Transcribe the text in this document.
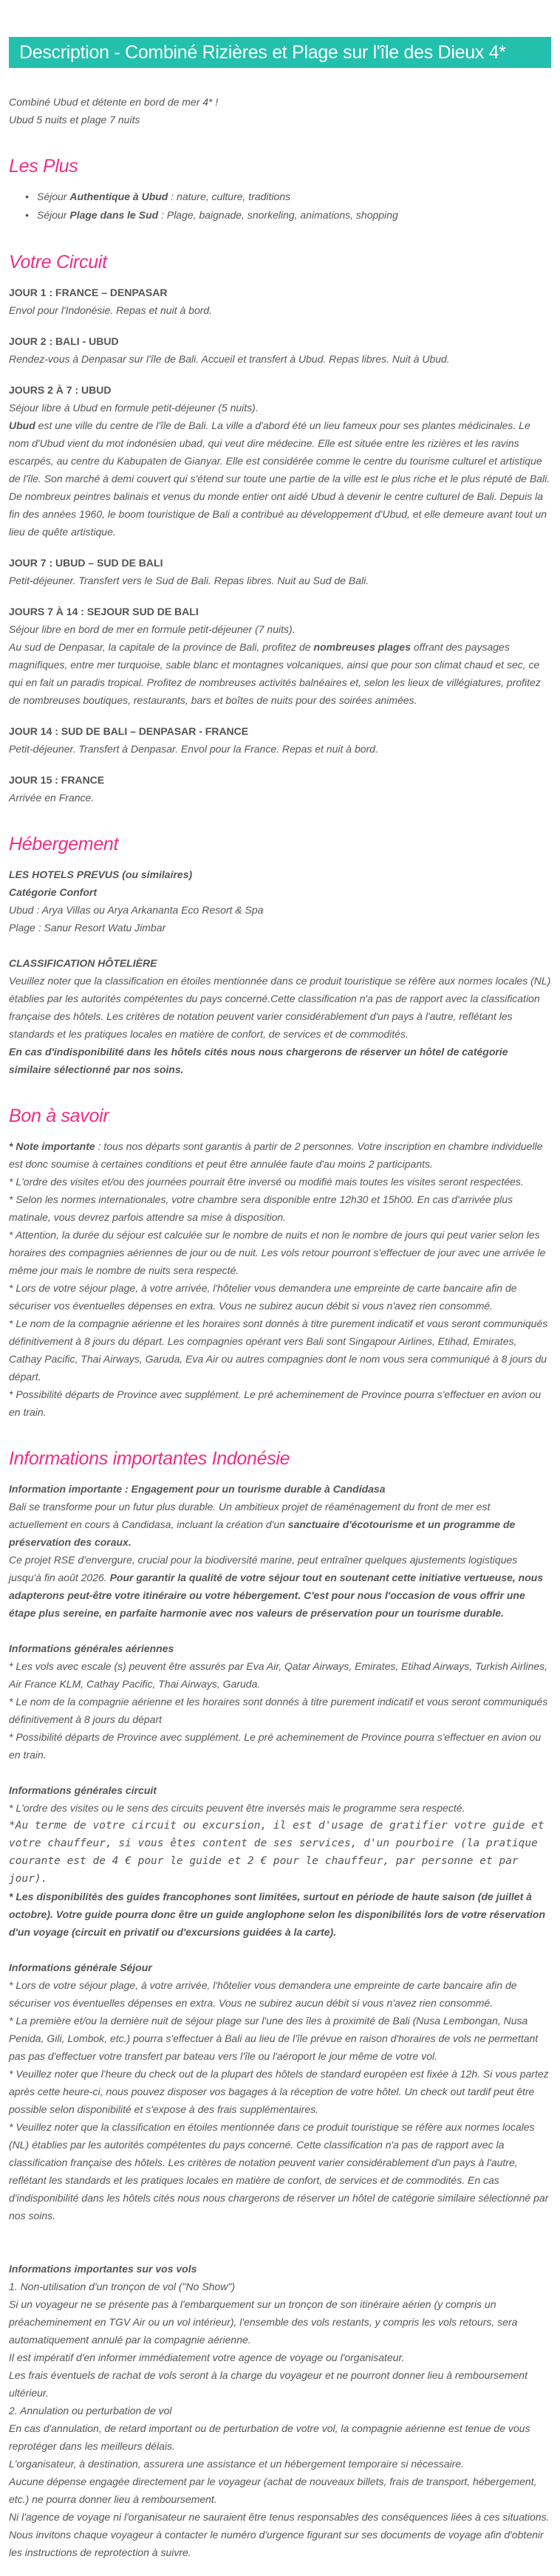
Description - Combiné Rizières et Plage sur l'île des Dieux 4*

Combiné Ubud et détente en bord de mer 4* !

Ubud 5 nuits et plage 7 nuits

Les Plus
• Séjour Authentique à Ubud : nature, culture, traditions
• Séjour Plage dans le Sud : Plage, baignade, snorkeling, animations, shopping
Votre Circuit

JOUR 1 : FRANCE – DENPASAR

Envol pour l'Indonésie. Repas et nuit à bord.

JOUR 2 : BALI - UBUD

Rendez-vous à Denpasar sur l'île de Bali. Accueil et transfert à Ubud. Repas libres. Nuit à Ubud.

JOURS 2 À 7 : UBUD

Séjour libre à Ubud en formule petit-déjeuner (5 nuits).

Ubud est une ville du centre de l'île de Bali. La ville a d'abord été un lieu fameux pour ses plantes médicinales. Le nom d'Ubud vient du mot indonésien ubad, qui veut dire médecine. Elle est située entre les rizières et les ravins escarpés, au centre du Kabupaten de Gianyar. Elle est considérée comme le centre du tourisme culturel et artistique de l'île. Son marché à demi couvert qui s'étend sur toute une partie de la ville est le plus riche et le plus réputé de Bali. De nombreux peintres balinais et venus du monde entier ont aidé Ubud à devenir le centre culturel de Bali. Depuis la fin des années 1960, le boom touristique de Bali a contribué au développement d'Ubud, et elle demeure avant tout un lieu de quête artistique.

JOUR 7 : UBUD – SUD DE BALI

Petit-déjeuner. Transfert vers le Sud de Bali. Repas libres. Nuit au Sud de Bali.

JOURS 7 À 14 : SEJOUR SUD DE BALI

Séjour libre en bord de mer en formule petit-déjeuner (7 nuits).

Au sud de Denpasar, la capitale de la province de Bali, profitez de nombreuses plages offrant des paysages magnifiques, entre mer turquoise, sable blanc et montagnes volcaniques, ainsi que pour son climat chaud et sec, ce qui en fait un paradis tropical. Profitez de nombreuses activités balnéaires et, selon les lieux de villégiatures, profitez de nombreuses boutiques, restaurants, bars et boîtes de nuits pour des soirées animées.

JOUR 14 : SUD DE BALI – DENPASAR - FRANCE

Petit-déjeuner. Transfert à Denpasar. Envol pour la France. Repas et nuit à bord.

JOUR 15 : FRANCE

Arrivée en France.

Hébergement

LES HOTELS PREVUS (ou similaires)

Catégorie Confort

Ubud : Arya Villas ou Arya Arkananta Eco Resort & Spa

Plage : Sanur Resort Watu Jimbar

CLASSIFICATION HÔTELIÈRE

Veuillez noter que la classification en étoiles mentionnée dans ce produit touristique se réfère aux normes locales (NL) établies par les autorités compétentes du pays concerné.Cette classification n'a pas de rapport avec la classification française des hôtels. Les critères de notation peuvent varier considérablement d'un pays à l'autre, reflétant les standards et les pratiques locales en matière de confort, de services et de commodités.

En cas d'indisponibilité dans les hôtels cités nous nous chargerons de réserver un hôtel de catégorie similaire sélectionné par nos soins.

Bon à savoir

* Note importante : tous nos départs sont garantis à partir de 2 personnes. Votre inscription en chambre individuelle est donc soumise à certaines conditions et peut être annulée faute d'au moins 2 participants.

* L'ordre des visites et/ou des journées pourrait être inversé ou modifié mais toutes les visites seront respectées.

* Selon les normes internationales, votre chambre sera disponible entre 12h30 et 15h00. En cas d'arrivée plus matinale, vous devrez parfois attendre sa mise à disposition.

* Attention, la durée du séjour est calculée sur le nombre de nuits et non le nombre de jours qui peut varier selon les horaires des compagnies aériennes de jour ou de nuit. Les vols retour pourront s'effectuer de jour avec une arrivée le même jour mais le nombre de nuits sera respecté.

* Lors de votre séjour plage, à votre arrivée, l'hôtelier vous demandera une empreinte de carte bancaire afin de sécuriser vos éventuelles dépenses en extra. Vous ne subirez aucun débit si vous n'avez rien consommé.

* Le nom de la compagnie aérienne et les horaires sont donnés à titre purement indicatif et vous seront communiqués définitivement à 8 jours du départ. Les compagnies opérant vers Bali sont Singapour Airlines, Etihad, Emirates, Cathay Pacific, Thai Airways, Garuda, Eva Air ou autres compagnies dont le nom vous sera communiqué à 8 jours du départ.

* Possibilité départs de Province avec supplément. Le pré acheminement de Province pourra s'effectuer en avion ou en train.

Informations importantes Indonésie

Information importante : Engagement pour un tourisme durable à Candidasa

Bali se transforme pour un futur plus durable. Un ambitieux projet de réaménagement du front de mer est actuellement en cours à Candidasa, incluant la création d'un sanctuaire d'écotourisme et un programme de préservation des coraux.

Ce projet RSE d'envergure, crucial pour la biodiversité marine, peut entraîner quelques ajustements logistiques jusqu'à fin août 2026. Pour garantir la qualité de votre séjour tout en soutenant cette initiative vertueuse, nous adapterons peut-être votre itinéraire ou votre hébergement. C'est pour nous l'occasion de vous offrir une étape plus sereine, en parfaite harmonie avec nos valeurs de préservation pour un tourisme durable.

Informations générales aériennes

* Les vols avec escale (s) peuvent être assurés par Eva Air, Qatar Airways, Emirates, Etihad Airways, Turkish Airlines, Air France KLM, Cathay Pacific, Thai Airways, Garuda.

* Le nom de la compagnie aérienne et les horaires sont donnés à titre purement indicatif et vous seront communiqués définitivement à 8 jours du départ

* Possibilité départs de Province avec supplément. Le pré acheminement de Province pourra s'effectuer en avion ou en train.

Informations générales circuit

* L'ordre des visites ou le sens des circuits peuvent être inversés mais le programme sera respecté.

*Au terme de votre circuit ou excursion, il est d'usage de gratifier votre guide et votre chauffeur, si vous êtes content de ses services, d'un pourboire (la pratique courante est de 4 € pour le guide et 2 € pour le chauffeur, par personne et par jour).

* Les disponibilités des guides francophones sont limitées, surtout en période de haute saison (de juillet à octobre). Votre guide pourra donc être un guide anglophone selon les disponibilités lors de votre réservation d'un voyage (circuit en privatif ou d'excursions guidées à la carte).

Informations générale Séjour

* Lors de votre séjour plage, à votre arrivée, l'hôtelier vous demandera une empreinte de carte bancaire afin de sécuriser vos éventuelles dépenses en extra. Vous ne subirez aucun débit si vous n'avez rien consommé.

* La première et/ou la dernière nuit de séjour plage sur l'une des îles à proximité de Bali (Nusa Lembongan, Nusa Penida, Gili, Lombok, etc.) pourra s'effectuer à Bali au lieu de l'île prévue en raison d'horaires de vols ne permettant pas pas d'effectuer votre transfert par bateau vers l'île ou l'aéroport le jour même de votre vol.

* Veuillez noter que l'heure du check out de la plupart des hôtels de standard européen est fixée à 12h. Si vous partez après cette heure-ci, nous pouvez disposer vos bagages à la réception de votre hôtel. Un check out tardif peut être possible selon disponibilité et s'expose à des frais supplémentaires.

* Veuillez noter que la classification en étoiles mentionnée dans ce produit touristique se réfère aux normes locales (NL) établies par les autorités compétentes du pays concerné. Cette classification n'a pas de rapport avec la classification française des hôtels. Les critères de notation peuvent varier considérablement d'un pays à l'autre, reflétant les standards et les pratiques locales en matière de confort, de services et de commodités. En cas d'indisponibilité dans les hôtels cités nous nous chargerons de réserver un hôtel de catégorie similaire sélectionné par nos soins.

Informations importantes sur vos vols

1. Non-utilisation d'un tronçon de vol ("No Show")

Si un voyageur ne se présente pas à l'embarquement sur un tronçon de son itinéraire aérien (y compris un préacheminement en TGV Air ou un vol intérieur), l'ensemble des vols restants, y compris les vols retours, sera automatiquement annulé par la compagnie aérienne.

Il est impératif d'en informer immédiatement votre agence de voyage ou l'organisateur.

Les frais éventuels de rachat de vols seront à la charge du voyageur et ne pourront donner lieu à remboursement ultérieur.

2. Annulation ou perturbation de vol

En cas d'annulation, de retard important ou de perturbation de votre vol, la compagnie aérienne est tenue de vous reprotéger dans les meilleurs délais.

L'organisateur, à destination, assurera une assistance et un hébergement temporaire si nécessaire.

Aucune dépense engagée directement par le voyageur (achat de nouveaux billets, frais de transport, hébergement, etc.) ne pourra donner lieu à remboursement.

Ni l'agence de voyage ni l'organisateur ne sauraient être tenus responsables des conséquences liées à ces situations.

Nous invitons chaque voyageur à contacter le numéro d'urgence figurant sur ses documents de voyage afin d'obtenir les instructions de reprotection à suivre.
